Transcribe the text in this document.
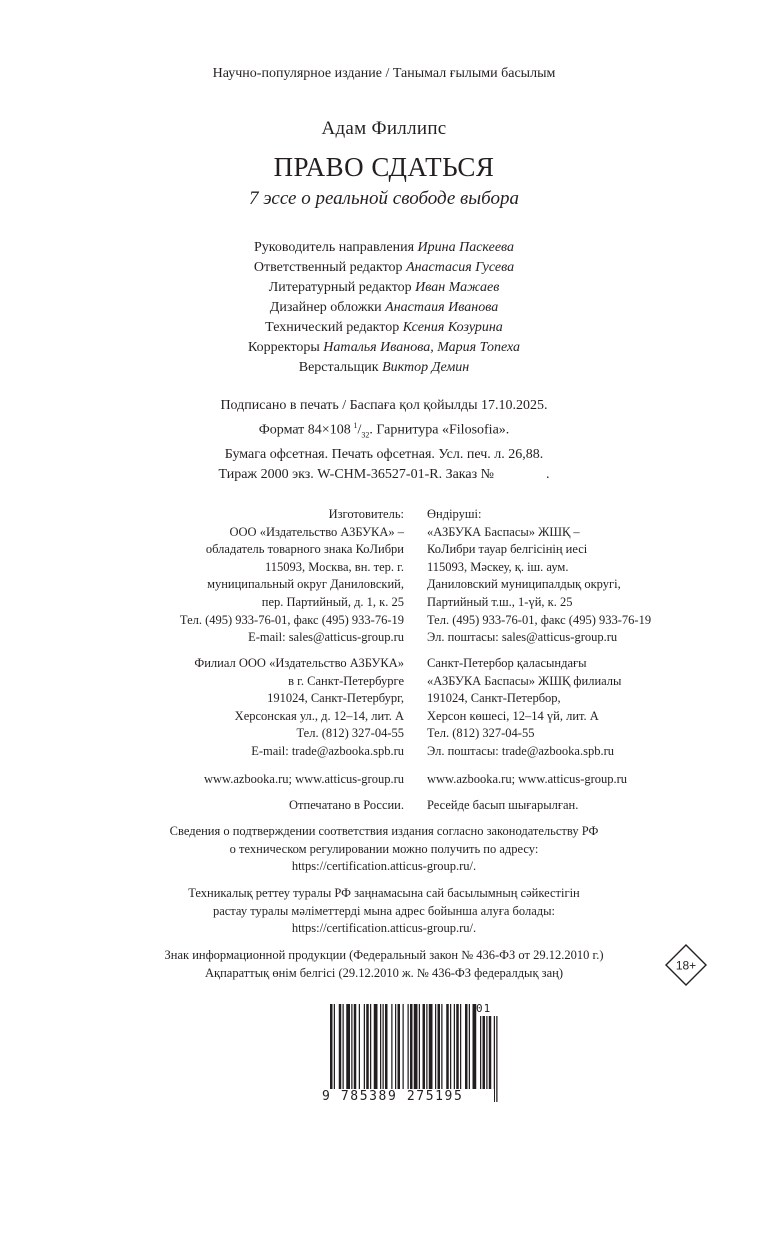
Научно-популярное издание / Танымал ғылыми басылым
Адам Филлипс
ПРАВО СДАТЬСЯ
7 эссе о реальной свободе выбора
Руководитель направления Ирина Паскеева
Ответственный редактор Анастасия Гусева
Литературный редактор Иван Мажаев
Дизайнер обложки Анастаия Иванова
Технический редактор Ксения Козурина
Корректоры Наталья Иванова, Мария Топеха
Верстальщик Виктор Демин
Подписано в печать / Баспаға қол қойылды 17.10.2025.
Формат 84×108  $^1/_{32}$. Гарнитура «Filosofia».
Бумага офсетная. Печать офсетная. Усл. печ. л. 26,88.
Тираж 2000 экз. W-CHM-36527-01-R. Заказ №	.
Изготовитель:
ООО «Издательство АЗБУКА» –
обладатель товарного знака КоЛибри
115093, Москва, вн. тер. г.
муниципальный округ Даниловский,
пер. Партийный, д. 1, к. 25
Тел. (495) 933-76-01, факс (495) 933-76-19
E-mail: sales@atticus-group.ru
Өндіруші:
«АЗБУКА Баспасы» ЖШҚ –
КоЛибри тауар белгісінің иесі
115093, Мәскеу, қ. іш. аум.
Даниловский муниципалдық округі,
Партийный т.ш., 1-үй, к. 25
Тел. (495) 933-76-01, факс (495) 933-76-19
Эл. поштасы: sales@atticus-group.ru
Филиал ООО «Издательство АЗБУКА»
в г. Санкт-Петербурге
191024, Санкт-Петербург,
Херсонская ул., д. 12–14, лит. А
Тел. (812) 327-04-55
E-mail: trade@azbooka.spb.ru
Санкт-Петербор қаласындағы
«АЗБУКА Баспасы» ЖШҚ филиалы
191024, Санкт-Петербор,
Херсон көшесі, 12–14 үй, лит. А
Тел. (812) 327-04-55
Эл. поштасы: trade@azbooka.spb.ru
www.azbooka.ru; www.atticus-group.ru www.azbooka.ru; www.atticus-group.ru
Отпечатано в России. Ресейде басып шығарылған.
Сведения о подтверждении соответствия издания согласно законодательству РФ
о техническом регулировании можно получить по адресу:
https://certification.atticus-group.ru/.
Техникалық реттеу туралы РФ заңнамасына сай басылымның сәйкестігін
растау туралы мәліметтерді мына адрес бойынша алуға болады:
https://certification.atticus-group.ru/.
Знак информационной продукции (Федеральный закон № 436-ФЗ от 29.12.2010 г.)
Ақпараттық өнім белгісі (29.12.2010 ж. № 436-ФЗ федералдық заң)
18+
9 785389 275195
01
